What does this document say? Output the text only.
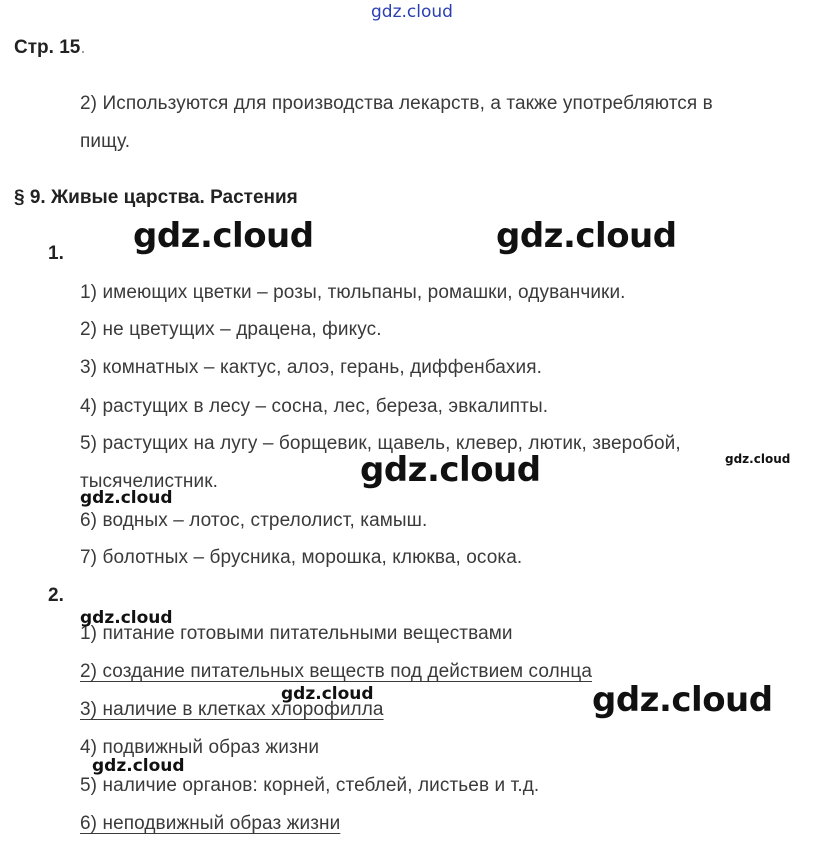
gdz.cloud
Стр. 15.
2) Используются для производства лекарств, а также употребляются в
пищу.
§ 9. Живые царства. Растения
1.
1) имеющих цветки – розы, тюльпаны, ромашки, одуванчики.
2) не цветущих – драцена, фикус.
3) комнатных – кактус, алоэ, герань, диффенбахия.
4) растущих в лесу – сосна, лес, береза, эвкалипты.
5) растущих на лугу – борщевик, щавель, клевер, лютик, зверобой,
тысячелистник.
6) водных – лотос, стрелолист, камыш.
7) болотных – брусника, морошка, клюква, осока.
2.
1) питание готовыми питательными веществами
2) создание питательных веществ под действием солнца
3) наличие в клетках хлорофилла
4) подвижный образ жизни
5) наличие органов: корней, стеблей, листьев и т.д.
6) неподвижный образ жизни
gdz.cloud	gdz.cloud
gdz.cloud
gdz.cloud
gdz.cloud
gdz.cloud
gdz.cloud
gdz.cloud
gdz.cloud
